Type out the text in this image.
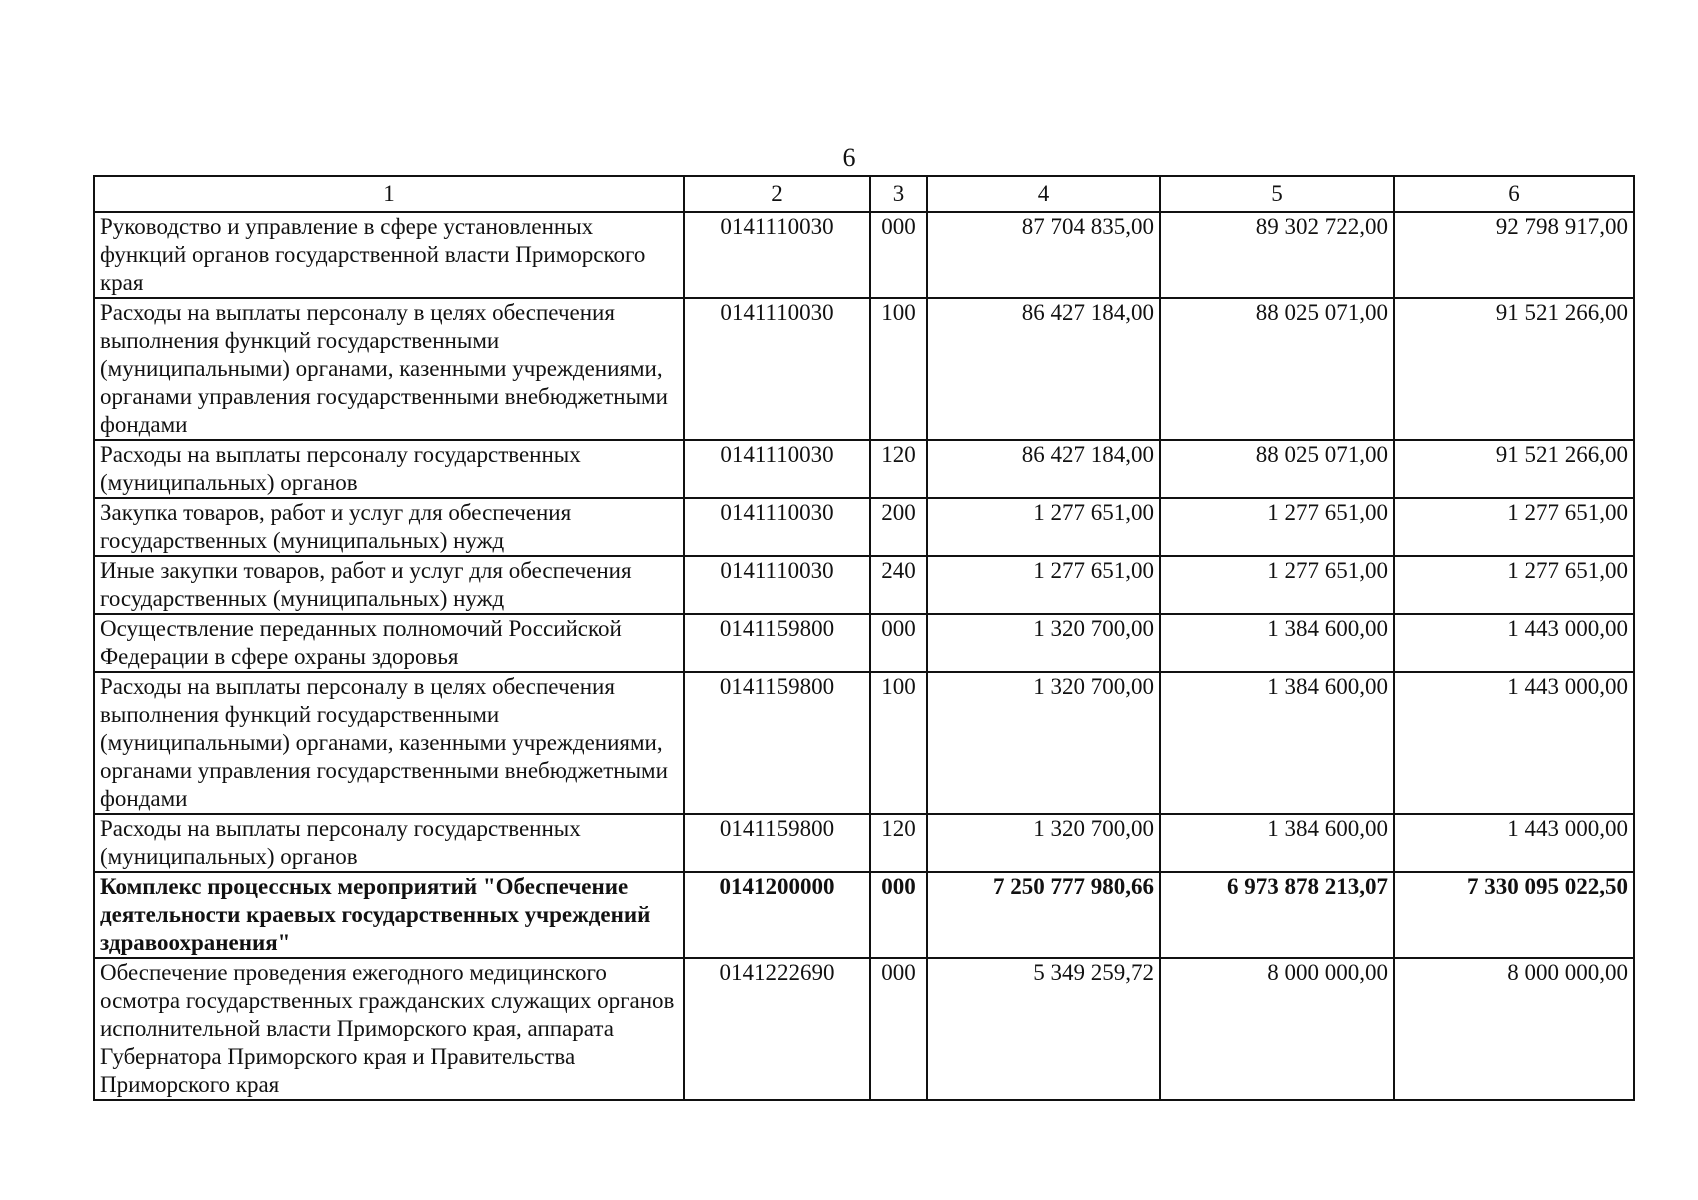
6
1	2	3	4	5	6
Руководство и управление в сфере установленных функций органов государственной власти Приморского края	0141110030	000	87 704 835,00	89 302 722,00	92 798 917,00
Расходы на выплаты персоналу в целях обеспечения выполнения функций государственными (муниципальными) органами, казенными учреждениями, органами управления государственными внебюджетными фондами	0141110030	100	86 427 184,00	88 025 071,00	91 521 266,00
Расходы на выплаты персоналу государственных (муниципальных) органов	0141110030	120	86 427 184,00	88 025 071,00	91 521 266,00
Закупка товаров, работ и услуг для обеспечения государственных (муниципальных) нужд	0141110030	200	1 277 651,00	1 277 651,00	1 277 651,00
Иные закупки товаров, работ и услуг для обеспечения государственных (муниципальных) нужд	0141110030	240	1 277 651,00	1 277 651,00	1 277 651,00
Осуществление переданных полномочий Российской Федерации в сфере охраны здоровья	0141159800	000	1 320 700,00	1 384 600,00	1 443 000,00
Расходы на выплаты персоналу в целях обеспечения выполнения функций государственными (муниципальными) органами, казенными учреждениями, органами управления государственными внебюджетными фондами	0141159800	100	1 320 700,00	1 384 600,00	1 443 000,00
Расходы на выплаты персоналу государственных (муниципальных) органов	0141159800	120	1 320 700,00	1 384 600,00	1 443 000,00
Комплекс процессных мероприятий "Обеспечение деятельности краевых государственных учреждений здравоохранения"	0141200000	000	7 250 777 980,66	6 973 878 213,07	7 330 095 022,50
Обеспечение проведения ежегодного медицинского осмотра государственных гражданских служащих органов исполнительной власти Приморского края, аппарата Губернатора Приморского края и Правительства Приморского края	0141222690	000	5 349 259,72	8 000 000,00	8 000 000,00
